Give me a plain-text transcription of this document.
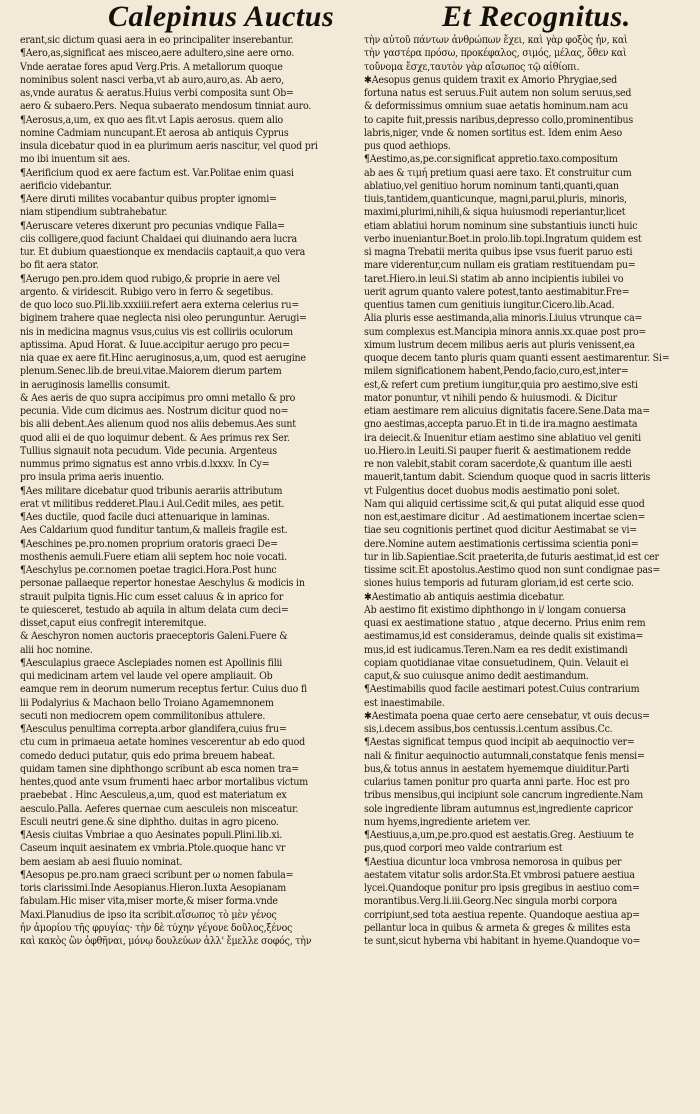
Calepinus Auctus	Et Recognitus.
erant,sic dictum quasi aera in eo principaliter inserebantur.
¶Aero,as,significat aes misceo,aere adultero,sine aere orno.
Vnde aeratae fores apud Verg.Pris. A metallorum quoque
nominibus solent nasci verba,vt ab auro,auro,as. Ab aero,
as,vnde auratus & aeratus.Huius verbi composita sunt Ob=
aero & subaero.Pers. Nequa subaerato mendosum tinniat auro.
¶Aerosus,a,um, ex quo aes fit.vt Lapis aerosus. quem alio
nomine Cadmiam nuncupant.Et aerosa ab antiquis Cyprus
insula dicebatur quod in ea plurimum aeris nascitur, vel quod pri
mo ibi inuentum sit aes.
¶Aerificium quod ex aere factum est. Var.Politae enim quasi
aerificio videbantur.
¶Aere diruti milites vocabantur quibus propter ignomi=
niam stipendium subtrahebatur.
¶Aeruscare veteres dixerunt pro pecunias vndique Falla=
ciis colligere,quod faciunt Chaldaei qui diuinando aera lucra
tur. Et dubium quaestionque ex mendaciis captauit,a quo vera
bo fit aera stator.
¶Aerugo pen.pro.idem quod rubigo,& proprie in aere vel
argento. & viridescit. Rubigo vero in ferro & segetibus.
de quo loco suo.Pli.lib.xxxiiii.refert aera externa celerius ru=
biginem trahere quae neglecta nisi oleo perunguntur. Aerugi=
nis in medicina magnus vsus,cuius vis est colliriis oculorum
aptissima. Apud Horat. & Iuue.accipitur aerugo pro pecu=
nia quae ex aere fit.Hinc aeruginosus,a,um, quod est aerugine
plenum.Senec.lib.de breui.vitae.Maiorem dierum partem
in aeruginosis lamellis consumit.
& Aes aeris de quo supra accipimus pro omni metallo & pro
pecunia. Vide cum dicimus aes. Nostrum dicitur quod no=
bis alii debent.Aes alienum quod nos aliis debemus.Aes sunt
quod alii ei de quo loquimur debent. & Aes primus rex Ser.
Tullius signauit nota pecudum. Vide pecunia. Argenteus
nummus primo signatus est anno vrbis.d.lxxxv. In Cy=
pro insula prima aeris inuentio.
¶Aes militare dicebatur quod tribunis aerariis attributum
erat vt militibus redderet.Plau.i Aul.Cedit miles, aes petit.
¶Aes ductile, quod facile duci attenuarique in laminas.
Aes Caldarium quod funditur tantum,& malleis fragile est.
¶Aeschines pe.pro.nomen proprium oratoris graeci De=
mosthenis aemuli.Fuere etiam alii septem hoc noie vocati.
¶Aeschylus pe.cor.nomen poetae tragici.Hora.Post hunc
personae pallaeque repertor honestae Aeschylus & modicis in
strauit pulpita tignis.Hic cum esset caluus & in aprico for
te quiesceret, testudo ab aquila in altum delata cum deci=
disset,caput eius confregit interemitque.
& Aeschyron nomen auctoris praeceptoris Galeni.Fuere &
alii hoc nomine.
¶Aesculapius graece Asclepiades nomen est Apollinis filii
qui medicinam artem vel laude vel opere ampliauit. Ob
eamque rem in deorum numerum receptus fertur. Cuius duo fi
lii Podalyrius & Machaon bello Troiano Agamemnonem
secuti non mediocrem opem commilitonibus attulere.
¶Aesculus penultima correpta.arbor glandifera,cuius fru=
ctu cum in primaeua aetate homines vescerentur ab edo quod
comedo deduci putatur, quis edo prima breuem habeat.
quidam tamen sine diphthongo scribunt ab esca nomen tra=
hentes,quod ante vsum frumenti haec arbor mortalibus victum
praebebat . Hinc Aesculeus,a,um, quod est materiatum ex
aesculo.Palla. Aeferes quernae cum aesculeis non misceatur.
Esculi neutri gene.& sine diphtho. duitas in agro piceno.
¶Aesis ciuitas Vmbriae a quo Aesinates populi.Plini.lib.xi.
Caseum inquit aesinatem ex vmbria.Ptole.quoque hanc vr
bem aesiam ab aesi fluuio nominat.
¶Aesopus pe.pro.nam graeci scribunt per ω nomen fabula=
toris clarissimi.Inde Aesopianus.Hieron.Iuxta Aesopianam
fabulam.Hic miser vita,miser morte,& miser forma.vnde
Maxi.Planudius de ipso ita scribit.αἴσωπος τὸ μὲν γένος
ἦν ἀμορίου τῆς φρυγίας· τὴν δὲ τύχην γέγονε δοῦλος,ξένος
καὶ κακὸς ὢν ὀφθῆναι, μόνῳ δουλεύων ἀλλ' ἔμελλε σοφός, τὴν
τὴν αὐτοῦ πάντων ἀνθρώπων ἔχει, καὶ γὰρ φοξὸς ἦν, καὶ
τὴν γαστέρα πρόσω, προκέφαλος, σιμός, μέλας, ὅθεν καὶ
τοὔνομα ἔσχε,ταυτὸν γὰρ αἴσωπος τῷ αἰθίοπι.
✱Aesopus genus quidem traxit ex Amorio Phrygiae,sed
fortuna natus est seruus.Fuit autem non solum seruus,sed
& deformissimus omnium suae aetatis hominum.nam acu
to capite fuit,pressis naribus,depresso collo,prominentibus
labris,niger, vnde & nomen sortitus est. Idem enim Aeso
pus quod aethiops.
¶Aestimo,as,pe.cor.significat appretio.taxo.compositum
ab aes & τιμή pretium quasi aere taxo. Et construitur cum
ablatiuo,vel genitiuo horum nominum tanti,quanti,quan
tiuis,tantidem,quanticunque, magni,parui,pluris, minoris,
maximi,plurimi,nihili,& siqua huiusmodi reperiantur,licet
etiam ablatiui horum nominum sine substantiuis iuncti huic
verbo inueniantur.Boet.in prolo.lib.topi.Ingratum quidem est
si magna Trebatii merita quibus ipse vsus fuerit paruo esti
mare viderentur,cum nullam eis gratiam restituendam pu=
taret.Hiero.in leui.Si statim ab anno incipientis iubilei vo
uerit agrum quanto valere potest,tanto aestimabitur.Fre=
quentius tamen cum genitiuis iungitur.Cicero.lib.Acad.
Alia pluris esse aestimanda,alia minoris.Liuius vtrunque ca=
sum complexus est.Mancipia minora annis.xx.quae post pro=
ximum lustrum decem milibus aeris aut pluris venissent,ea
quoque decem tanto pluris quam quanti essent aestimarentur. Si=
milem significationem habent,Pendo,facio,curo,est,inter=
est,& refert cum pretium iungitur,quia pro aestimo,sive esti
mator ponuntur, vt nihili pendo & huiusmodi. & Dicitur
etiam aestimare rem alicuius dignitatis facere.Sene.Data ma=
gno aestimas,accepta paruo.Et in ti.de ira.magno aestimata
ira deiecit.& Inuenitur etiam aestimo sine ablatiuo vel geniti
uo.Hiero.in Leuiti.Si pauper fuerit & aestimationem redde
re non valebit,stabit coram sacerdote,& quantum ille aesti
mauerit,tantum dabit. Sciendum quoque quod in sacris litteris
vt Fulgentius docet duobus modis aestimatio poni solet.
Nam qui aliquid certissime scit,& qui putat aliquid esse quod
non est,aestimare dicitur . Ad aestimationem incertae scien=
tiae seu cognitionis pertinet quod dicitur Aestimabat se vi=
dere.Nomine autem aestimationis certissima scientia poni=
tur in lib.Sapientiae.Scit praeterita,de futuris aestimat,id est cer
tissime scit.Et apostolus.Aestimo quod non sunt condignae pas=
siones huius temporis ad futuram gloriam,id est certe scio.
✱Aestimatio ab antiquis aestimia dicebatur.
Ab aestimo fit existimo diphthongo in i/ longam conuersa
quasi ex aestimatione statuo , atque decerno. Prius enim rem
aestimamus,id est consideramus, deinde qualis sit existima=
mus,id est iudicamus.Teren.Nam ea res dedit existimandi
copiam quotidianae vitae consuetudinem, Quin. Velauit ei
caput,& suo cuiusque animo dedit aestimandum.
¶Aestimabilis quod facile aestimari potest.Cuius contrarium
est inaestimabile.
✱Aestimata poena quae certo aere censebatur, vt ouis decus=
sis,i.decem assibus,bos centussis.i.centum assibus.Cc.
¶Aestas significat tempus quod incipit ab aequinoctio ver=
nali & finitur aequinoctio autumnali,constatque fenis mensi=
bus,& totus annus in aestatem hyememque diuiditur.Parti
cularius tamen ponitur pro quarta anni parte. Hoc est pro
tribus mensibus,qui incipiunt sole cancrum ingrediente.Nam
sole ingrediente libram autumnus est,ingrediente capricor
num hyems,ingrediente arietem ver.
¶Aestiuus,a,um,pe.pro.quod est aestatis.Greg. Aestiuum te
pus,quod corpori meo valde contrarium est
¶Aestiua dicuntur loca vmbrosa nemorosa in quibus per
aestatem vitatur solis ardor.Sta.Et vmbrosi patuere aestiua
lycei.Quandoque ponitur pro ipsis gregibus in aestiuo com=
morantibus.Verg.li.iii.Georg.Nec singula morbi corpora
corripiunt,sed tota aestiua repente. Quandoque aestiua ap=
pellantur loca in quibus & armeta & greges & milites esta
te sunt,sicut hyberna vbi habitant in hyeme.Quandoque vo=
